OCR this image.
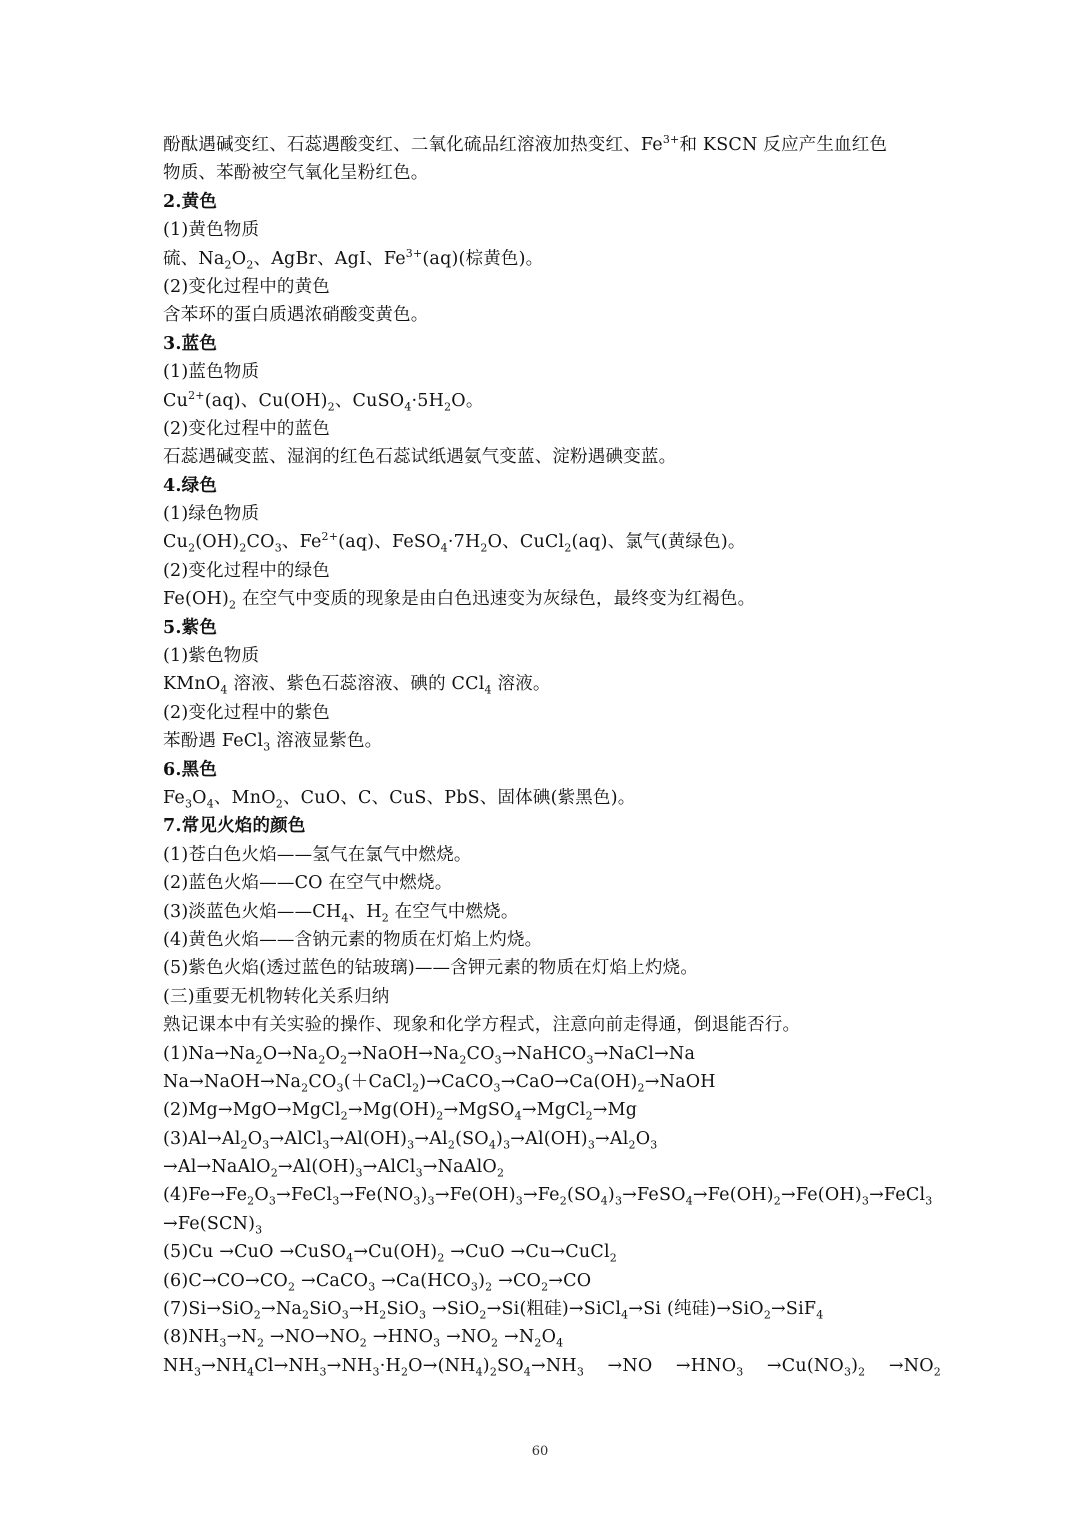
酚酞遇碱变红、石蕊遇酸变红、二氧化硫品红溶液加热变红、$Fe^{3+}$和 KSCN 反应产生血红色
物质、苯酚被空气氧化呈粉红色。
2.黄色
(1)黄色物质
硫、$Na_2O_2$、AgBr、AgI、$Fe^{3+}(aq)$(棕黄色)。
(2)变化过程中的黄色
含苯环的蛋白质遇浓硝酸变黄色。
3.蓝色
(1)蓝色物质
$Cu^{2+}(aq)$、$Cu(OH)_2$、$CuSO_4\cdot 5H_2O$。
(2)变化过程中的蓝色
石蕊遇碱变蓝、湿润的红色石蕊试纸遇氨气变蓝、淀粉遇碘变蓝。
4.绿色
(1)绿色物质
$Cu_2(OH)_2CO_3$、$Fe^{2+}(aq)$、$FeSO_4\cdot 7H_2O$、CuCl$_2$(aq)、氯气(黄绿色)。
(2)变化过程中的绿色
$Fe(OH)_2$ 在空气中变质的现象是由白色迅速变为灰绿色，最终变为红褐色。
5.紫色
(1)紫色物质
KMnO$_4$ 溶液、紫色石蕊溶液、碘的 CCl$_4$ 溶液。
(2)变化过程中的紫色
苯酚遇 FeCl$_3$ 溶液显紫色。
6.黑色
$Fe_3O_4$、MnO$_2$、CuO、C、CuS、PbS、固体碘(紫黑色)。
7.常见火焰的颜色
(1)苍白色火焰——氢气在氯气中燃烧。
(2)蓝色火焰——CO 在空气中燃烧。
(3)淡蓝色火焰$——CH_4$、$H_2$ 在空气中燃烧。
(4)黄色火焰——含钠元素的物质在灯焰上灼烧。
(5)紫色火焰(透过蓝色的钴玻璃)——含钾元素的物质在灯焰上灼烧。
(三)重要无机物转化关系归纳
熟记课本中有关实验的操作、现象和化学方程式，注意向前走得通，倒退能否行。
$(1)Na\to Na_2O\to Na_2O_2\to NaOH\to Na_2CO_3\to NaHCO_3\to NaCl\to Na$
$Na\to NaOH\to Na_2CO_3(+CaCl_2)\to CaCO_3\to CaO\to Ca(OH)_2\to NaOH$
$(2)Mg\to MgO\to MgCl_2\to Mg(OH)_2\to MgSO_4\to MgCl_2\to Mg$
$(3)Al\to Al_2O_3\to AlCl_3\to Al(OH)_3\to Al_2(SO_4)_3\to Al(OH)_3\to Al_2O_3$
$\to Al\to NaAlO_2\to Al(OH)_3\to AlCl_3\to NaAlO_2$
$(4)Fe\to Fe_2O_3\to FeCl_3\to Fe(NO_3)_3\to Fe(OH)_3\to Fe_2(SO_4)_3\to FeSO_4\to Fe(OH)_2\to Fe(OH)_3\to FeCl_3$
$\to Fe(SCN)_3$
$(5)Cu \to CuO \to CuSO_4\to Cu(OH)_2 \to CuO$ →Cu→CuCl$_2$
$(6)C\to CO\to CO_2$ →CaCO$_3$ $\to Ca(HCO_3)_2 \to CO_2\to CO$
$(7)Si\to SiO_2\to Na_2SiO_3\to H_2SiO_3 \to SiO_2\to Si$(粗硅)→SiCl$_4$→Si (纯硅)→SiO$_2$→SiF$_4$
$(8)NH_3\to N_2 \to NO\to NO_2 \to HNO_3 \to NO_2 \to N_2O_4$
$NH_3\to NH_4Cl\to NH_3\to NH_3\cdot H_2O\to(NH_4)_2SO_4\to NH_3$　 →NO　 $\to HNO_3$　 $\to Cu(NO_3)_2$　 $\to NO_2$
60
